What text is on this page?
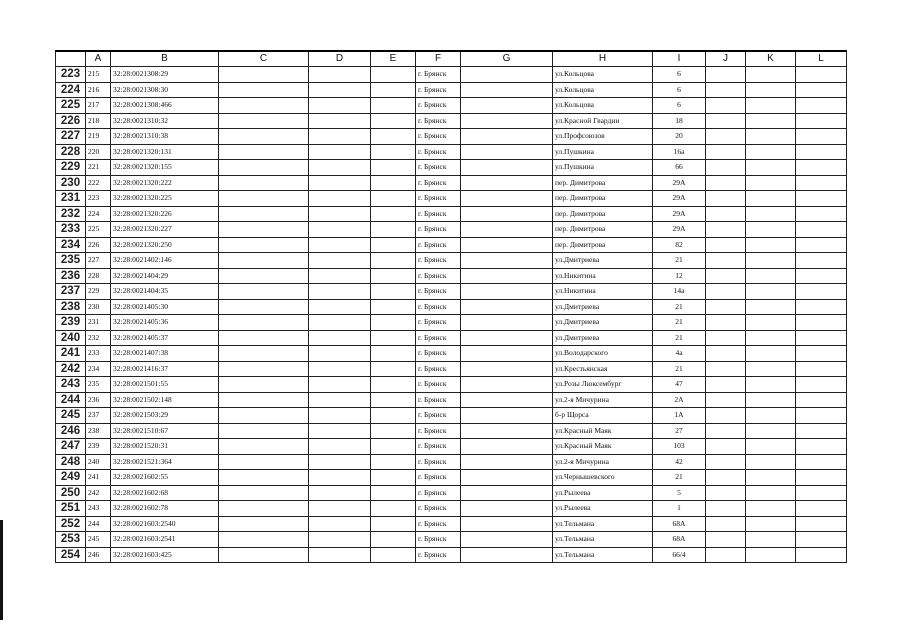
	A	B	C	D	E	F	G	H	I	J	K	L
223	215	32:28:0021308:29				г. Брянск		ул.Кольцова	6			
224	216	32:28:0021308:30				г. Брянск		ул.Кольцова	6			
225	217	32:28:0021308:466				г. Брянск		ул.Кольцова	6			
226	218	32:28:0021310:32				г. Брянск		ул.Красной Гвардии	18			
227	219	32:28:0021310:38				г. Брянск		ул.Профсоюзов	20			
228	220	32:28:0021320:131				г. Брянск		ул.Пушкина	16а			
229	221	32:28:0021320:155				г. Брянск		ул.Пушкина	66			
230	222	32:28:0021320:222				г. Брянск		пер. Димитрова	29А			
231	223	32:28:0021320:225				г. Брянск		пер. Димитрова	29А			
232	224	32:28:0021320:226				г. Брянск		пер. Димитрова	29А			
233	225	32:28:0021320:227				г. Брянск		пер. Димитрова	29А			
234	226	32:28:0021320:250				г. Брянск		пер. Димитрова	82			
235	227	32:28:0021402:146				г. Брянск		ул.Дмитриева	21			
236	228	32:28:0021404:29				г. Брянск		ул.Никитина	12			
237	229	32:28:0021404:35				г. Брянск		ул.Никитина	14а			
238	230	32:28:0021405:30				г. Брянск		ул.Дмитриева	21			
239	231	32:28:0021405:36				г. Брянск		ул.Дмитриева	21			
240	232	32:28:0021405:37				г. Брянск		ул.Дмитриева	21			
241	233	32:28:0021407:38				г. Брянск		ул.Володарского	4а			
242	234	32:28:0021416:37				г. Брянск		ул.Крестьянская	21			
243	235	32:28:0021501:55				г. Брянск		ул.Розы Люксембург	47			
244	236	32:28:0021502:148				г. Брянск		ул.2-я Мичурина	2А			
245	237	32:28:0021503:29				г. Брянск		б-р Щорса	1А			
246	238	32:28:0021510:67				г. Брянск		ул.Красный Маяк	27			
247	239	32:28:0021520:31				г. Брянск		ул.Красный Маяк	103			
248	240	32:28:0021521:364				г. Брянск		ул.2-я Мичурина	42			
249	241	32:28:0021602:55				г. Брянск		ул.Чернышевского	21			
250	242	32:28:0021602:68				г. Брянск		ул.Рылеева	5			
251	243	32:28:0021602:78				г. Брянск		ул.Рылеева	1			
252	244	32:28:0021603:2540				г. Брянск		ул.Тельмана	68А			
253	245	32:28:0021603:2541				г. Брянск		ул.Тельмана	68А			
254	246	32:28:0021603:425				г. Брянск		ул.Тельмана	66/4			
